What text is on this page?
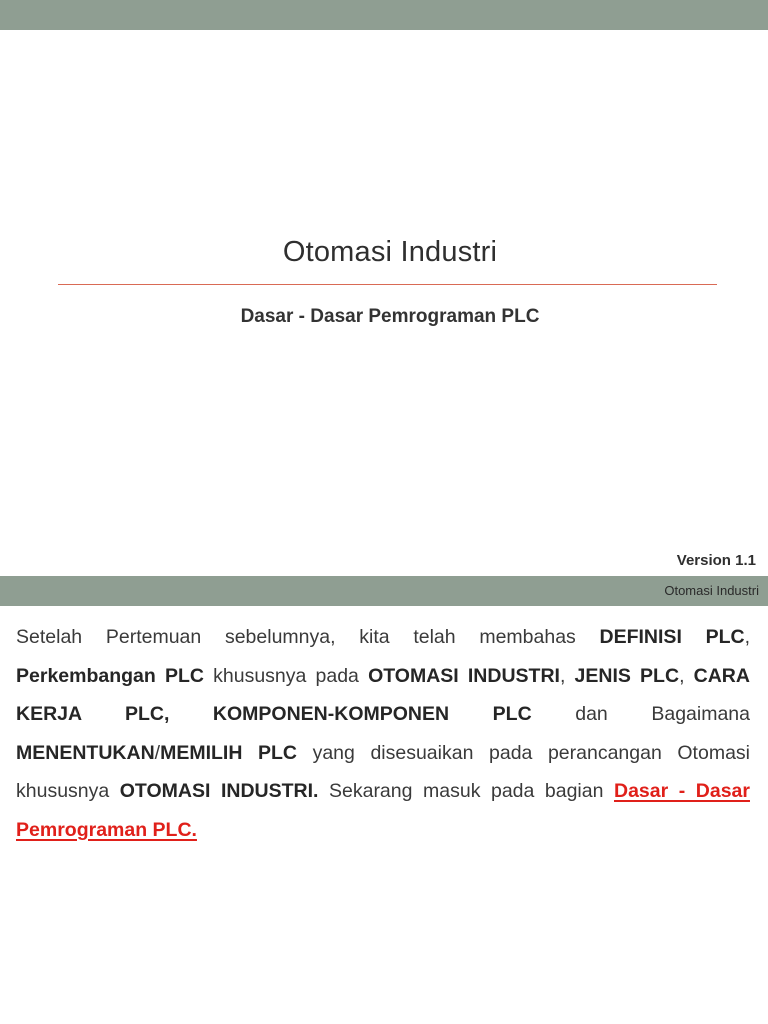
Otomasi Industri
Dasar - Dasar Pemrograman PLC
Version 1.1
Otomasi Industri
Setelah Pertemuan sebelumnya, kita telah membahas DEFINISI PLC, Perkembangan PLC khususnya pada OTOMASI INDUSTRI, JENIS PLC, CARA KERJA PLC, KOMPONEN-KOMPONEN PLC dan Bagaimana MENENTUKAN/MEMILIH PLC yang disesuaikan pada perancangan Otomasi khususnya OTOMASI INDUSTRI. Sekarang masuk pada bagian Dasar - Dasar Pemrograman PLC.
